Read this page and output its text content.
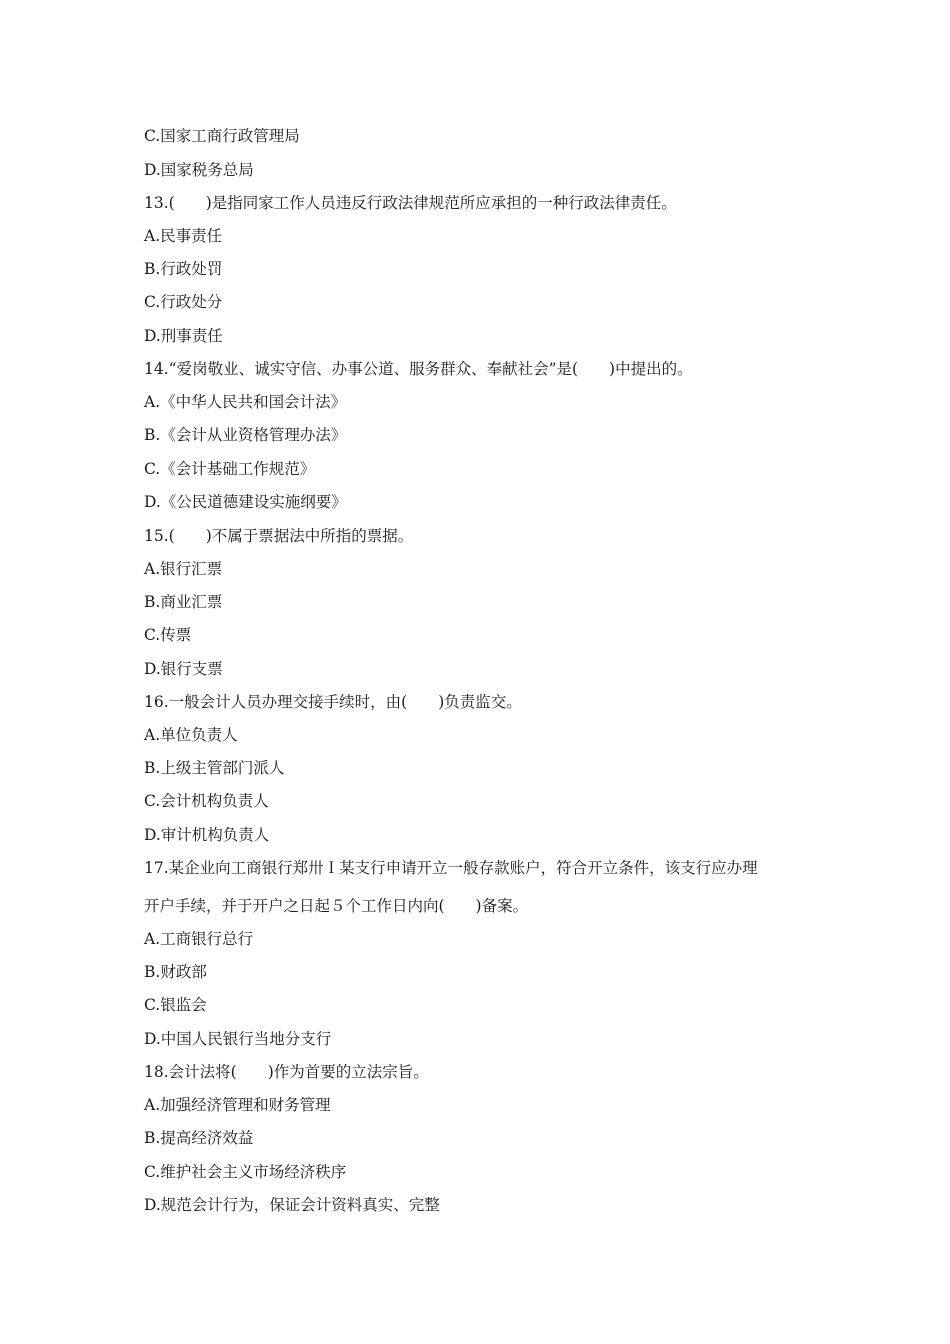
C.国家工商行政管理局
D.国家税务总局
13.(　　)是指同家工作人员违反行政法律规范所应承担的一种行政法律责任。
A.民事责任
B.行政处罚
C.行政处分
D.刑事责任
14.“爱岗敬业、诚实守信、办事公道、服务群众、奉献社会”是(　　)中提出的。
A.《中华人民共和国会计法》
B.《会计从业资格管理办法》
C.《会计基础工作规范》
D.《公民道德建设实施纲要》
15.(　　)不属于票据法中所指的票据。
A.银行汇票
B.商业汇票
C.传票
D.银行支票
16.一般会计人员办理交接手续时，由(　　)负责监交。
A.单位负责人
B.上级主管部门派人
C.会计机构负责人
D.审计机构负责人
17.某企业向工商银行郑卅Ｉ某支行申请开立一般存款账户，符合开立条件，该支行应办理
开户手续，并于开户之日起５个工作日内向(　　)备案。
A.工商银行总行
B.财政部
C.银监会
D.中国人民银行当地分支行
18.会计法将(　　)作为首要的立法宗旨。
A.加强经济管理和财务管理
B.提高经济效益
C.维护社会主义市场经济秩序
D.规范会计行为，保证会计资料真实、完整
